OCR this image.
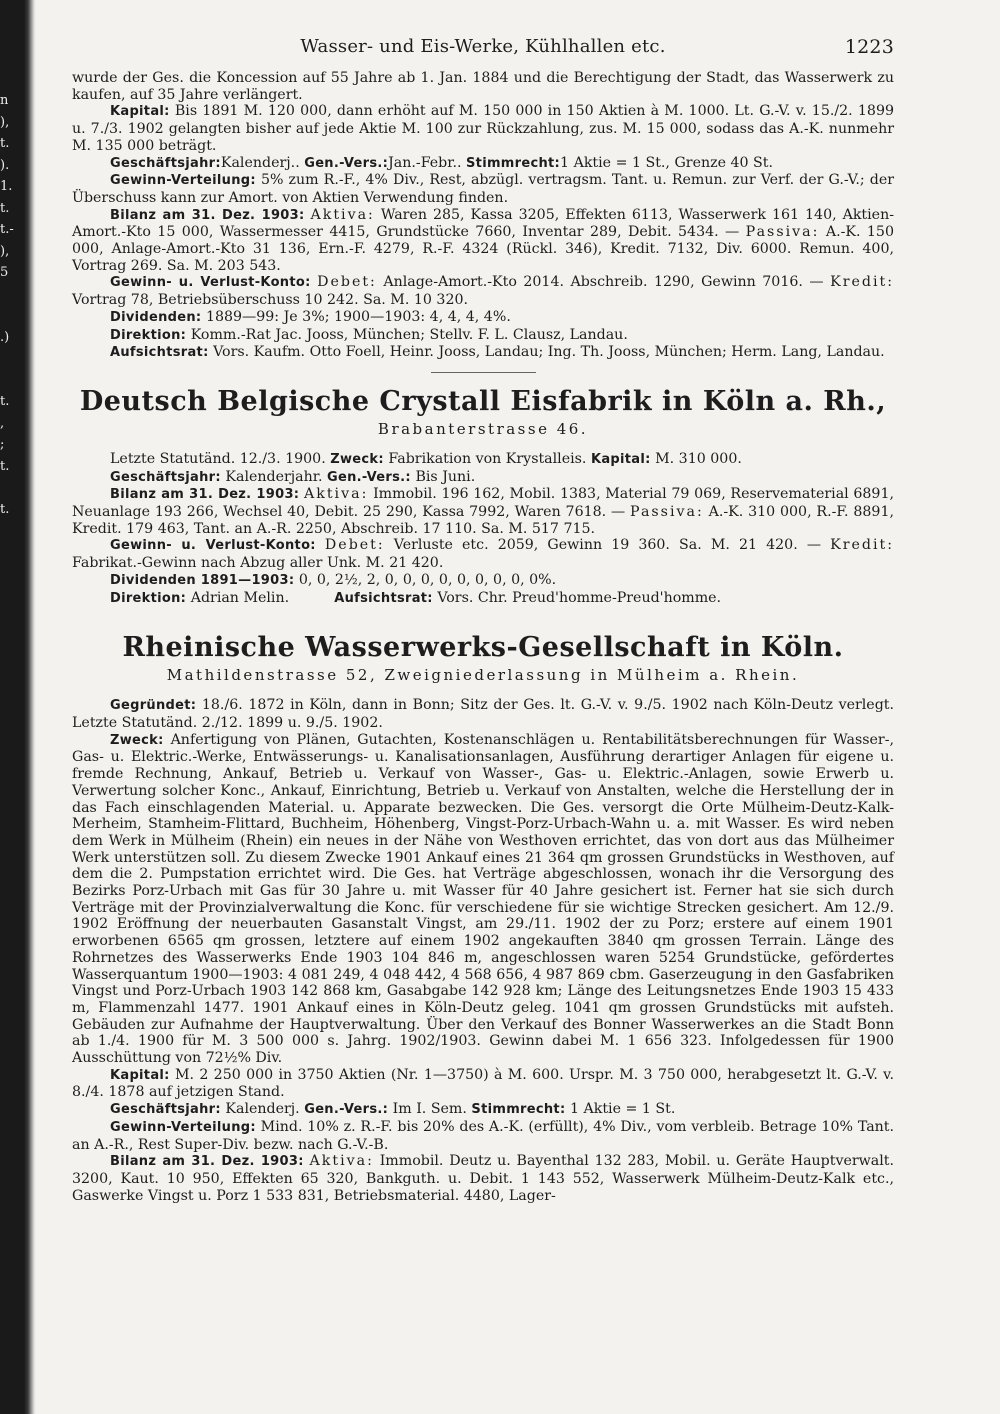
n
),
t.
).
1.
t.
t.-
),
5
.)
t.
,
;
t.
t.
Wasser- und Eis-Werke, Kühlhallen etc.	1223

wurde der Ges. die Koncession auf 55 Jahre ab 1. Jan. 1884 und die Berechtigung der Stadt, das Wasserwerk zu kaufen, auf 35 Jahre verlängert.

Kapital: Bis 1891 M. 120 000, dann erhöht auf M. 150 000 in 150 Aktien à M. 1000. Lt. G.-V. v. 15./2. 1899 u. 7./3. 1902 gelangten bisher auf jede Aktie M. 100 zur Rückzahlung, zus. M. 15 000, sodass das A.-K. nunmehr M. 135 000 beträgt.

Geschäftsjahr:Kalenderj.. Gen.-Vers.:Jan.-Febr.. Stimmrecht:1 Aktie = 1 St., Grenze 40 St.

Gewinn-Verteilung: 5% zum R.-F., 4% Div., Rest, abzügl. vertragsm. Tant. u. Remun. zur Verf. der G.-V.; der Überschuss kann zur Amort. von Aktien Verwendung finden.

Bilanz am 31. Dez. 1903: Aktiva: Waren 285, Kassa 3205, Effekten 6113, Wasserwerk 161 140, Aktien-Amort.-Kto 15 000, Wassermesser 4415, Grundstücke 7660, Inventar 289, Debit. 5434. — Passiva: A.-K. 150 000, Anlage-Amort.-Kto 31 136, Ern.-F. 4279, R.-F. 4324 (Rückl. 346), Kredit. 7132, Div. 6000. Remun. 400, Vortrag 269. Sa. M. 203 543.

Gewinn- u. Verlust-Konto: Debet: Anlage-Amort.-Kto 2014. Abschreib. 1290, Gewinn 7016. — Kredit: Vortrag 78, Betriebsüberschuss 10 242. Sa. M. 10 320.

Dividenden: 1889—99: Je 3%; 1900—1903: 4, 4, 4, 4%.

Direktion: Komm.-Rat Jac. Jooss, München; Stellv. F. L. Clausz, Landau.

Aufsichtsrat: Vors. Kaufm. Otto Foell, Heinr. Jooss, Landau; Ing. Th. Jooss, München; Herm. Lang, Landau.

Deutsch Belgische Crystall Eisfabrik in Köln a. Rh.,
Brabanterstrasse 46.

Letzte Statutänd. 12./3. 1900. Zweck: Fabrikation von Krystalleis. Kapital: M. 310 000.

Geschäftsjahr: Kalenderjahr. Gen.-Vers.: Bis Juni.

Bilanz am 31. Dez. 1903: Aktiva: Immobil. 196 162, Mobil. 1383, Material 79 069, Reservematerial 6891, Neuanlage 193 266, Wechsel 40, Debit. 25 290, Kassa 7992, Waren 7618. — Passiva: A.-K. 310 000, R.-F. 8891, Kredit. 179 463, Tant. an A.-R. 2250, Abschreib. 17 110. Sa. M. 517 715.

Gewinn- u. Verlust-Konto: Debet: Verluste etc. 2059, Gewinn 19 360. Sa. M. 21 420. — Kredit: Fabrikat.-Gewinn nach Abzug aller Unk. M. 21 420.

Dividenden 1891—1903: 0, 0, 2½, 2, 0, 0, 0, 0, 0, 0, 0, 0, 0%.

Direktion: Adrian Melin.	Aufsichtsrat: Vors. Chr. Preud'homme-Preud'homme.

Rheinische Wasserwerks-Gesellschaft in Köln.
Mathildenstrasse 52, Zweigniederlassung in Mülheim a. Rhein.

Gegründet: 18./6. 1872 in Köln, dann in Bonn; Sitz der Ges. lt. G.-V. v. 9./5. 1902 nach Köln-Deutz verlegt. Letzte Statutänd. 2./12. 1899 u. 9./5. 1902.

Zweck: Anfertigung von Plänen, Gutachten, Kostenanschlägen u. Rentabilitätsberechnungen für Wasser-, Gas- u. Elektric.-Werke, Entwässerungs- u. Kanalisationsanlagen, Ausführung derartiger Anlagen für eigene u. fremde Rechnung, Ankauf, Betrieb u. Verkauf von Wasser-, Gas- u. Elektric.-Anlagen, sowie Erwerb u. Verwertung solcher Konc., Ankauf, Einrichtung, Betrieb u. Verkauf von Anstalten, welche die Herstellung der in das Fach einschlagenden Material. u. Apparate bezwecken. Die Ges. versorgt die Orte Mülheim-Deutz-Kalk-Merheim, Stamheim-Flittard, Buchheim, Höhenberg, Vingst-Porz-Urbach-Wahn u. a. mit Wasser. Es wird neben dem Werk in Mülheim (Rhein) ein neues in der Nähe von Westhoven errichtet, das von dort aus das Mülheimer Werk unterstützen soll. Zu diesem Zwecke 1901 Ankauf eines 21 364 qm grossen Grundstücks in Westhoven, auf dem die 2. Pumpstation errichtet wird. Die Ges. hat Verträge abgeschlossen, wonach ihr die Versorgung des Bezirks Porz-Urbach mit Gas für 30 Jahre u. mit Wasser für 40 Jahre gesichert ist. Ferner hat sie sich durch Verträge mit der Provinzialverwaltung die Konc. für verschiedene für sie wichtige Strecken gesichert. Am 12./9. 1902 Eröffnung der neuerbauten Gasanstalt Vingst, am 29./11. 1902 der zu Porz; erstere auf einem 1901 erworbenen 6565 qm grossen, letztere auf einem 1902 angekauften 3840 qm grossen Terrain. Länge des Rohrnetzes des Wasserwerks Ende 1903 104 846 m, angeschlossen waren 5254 Grundstücke, gefördertes Wasserquantum 1900—1903: 4 081 249, 4 048 442, 4 568 656, 4 987 869 cbm. Gaserzeugung in den Gasfabriken Vingst und Porz-Urbach 1903 142 868 km, Gasabgabe 142 928 km; Länge des Leitungsnetzes Ende 1903 15 433 m, Flammenzahl 1477. 1901 Ankauf eines in Köln-Deutz geleg. 1041 qm grossen Grundstücks mit aufsteh. Gebäuden zur Aufnahme der Hauptverwaltung. Über den Verkauf des Bonner Wasserwerkes an die Stadt Bonn ab 1./4. 1900 für M. 3 500 000 s. Jahrg. 1902/1903. Gewinn dabei M. 1 656 323. Infolgedessen für 1900 Ausschüttung von 72½% Div.

Kapital: M. 2 250 000 in 3750 Aktien (Nr. 1—3750) à M. 600. Urspr. M. 3 750 000, herabgesetzt lt. G.-V. v. 8./4. 1878 auf jetzigen Stand.

Geschäftsjahr: Kalenderj. Gen.-Vers.: Im I. Sem. Stimmrecht: 1 Aktie = 1 St.

Gewinn-Verteilung: Mind. 10% z. R.-F. bis 20% des A.-K. (erfüllt), 4% Div., vom verbleib. Betrage 10% Tant. an A.-R., Rest Super-Div. bezw. nach G.-V.-B.

Bilanz am 31. Dez. 1903: Aktiva: Immobil. Deutz u. Bayenthal 132 283, Mobil. u. Geräte Hauptverwalt. 3200, Kaut. 10 950, Effekten 65 320, Bankguth. u. Debit. 1 143 552, Wasserwerk Mülheim-Deutz-Kalk etc., Gaswerke Vingst u. Porz 1 533 831, Betriebsmaterial. 4480, Lager-
